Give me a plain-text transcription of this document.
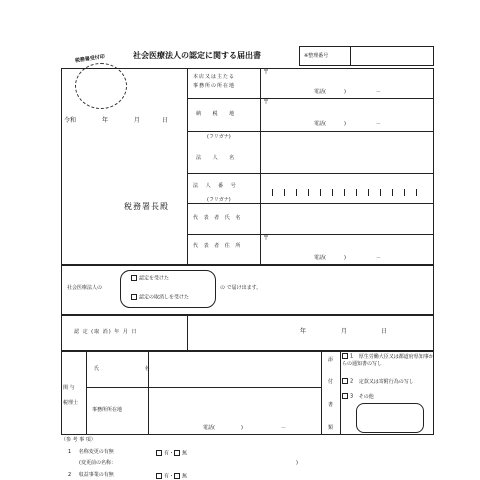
税務署受付印	社会医療法人の認定に関する届出書	※整理番号
令和	年	月	日
税務署長殿
本店又は主たる
事務所の所在地
〒
電話(	)	－
納 税 地
〒
電話(	)	－
(フリガナ)
法 人 名
法 人 番 号
(フリガナ)
代 表 者 氏 名
代 表 者 住 所
〒
電話(	)	－
社会医療法人の
認定を受けた
認定の取消しを受けた
の で届け出ます。
認 定 (取 消) 年 月 日	年	月	日
関 与
税理士
氏 名
事務所所在地
電話(	)	－
添
付
書
類
1 厚生労働大臣又は都道府県知事からの通知書の写し
2 定款又は寄附行為の写し
3 その他
（参 考 事 項）
1 名称変更の有無	有・ 無
(変更前の名称：	)
2 収益事業の有無	有・ 無
